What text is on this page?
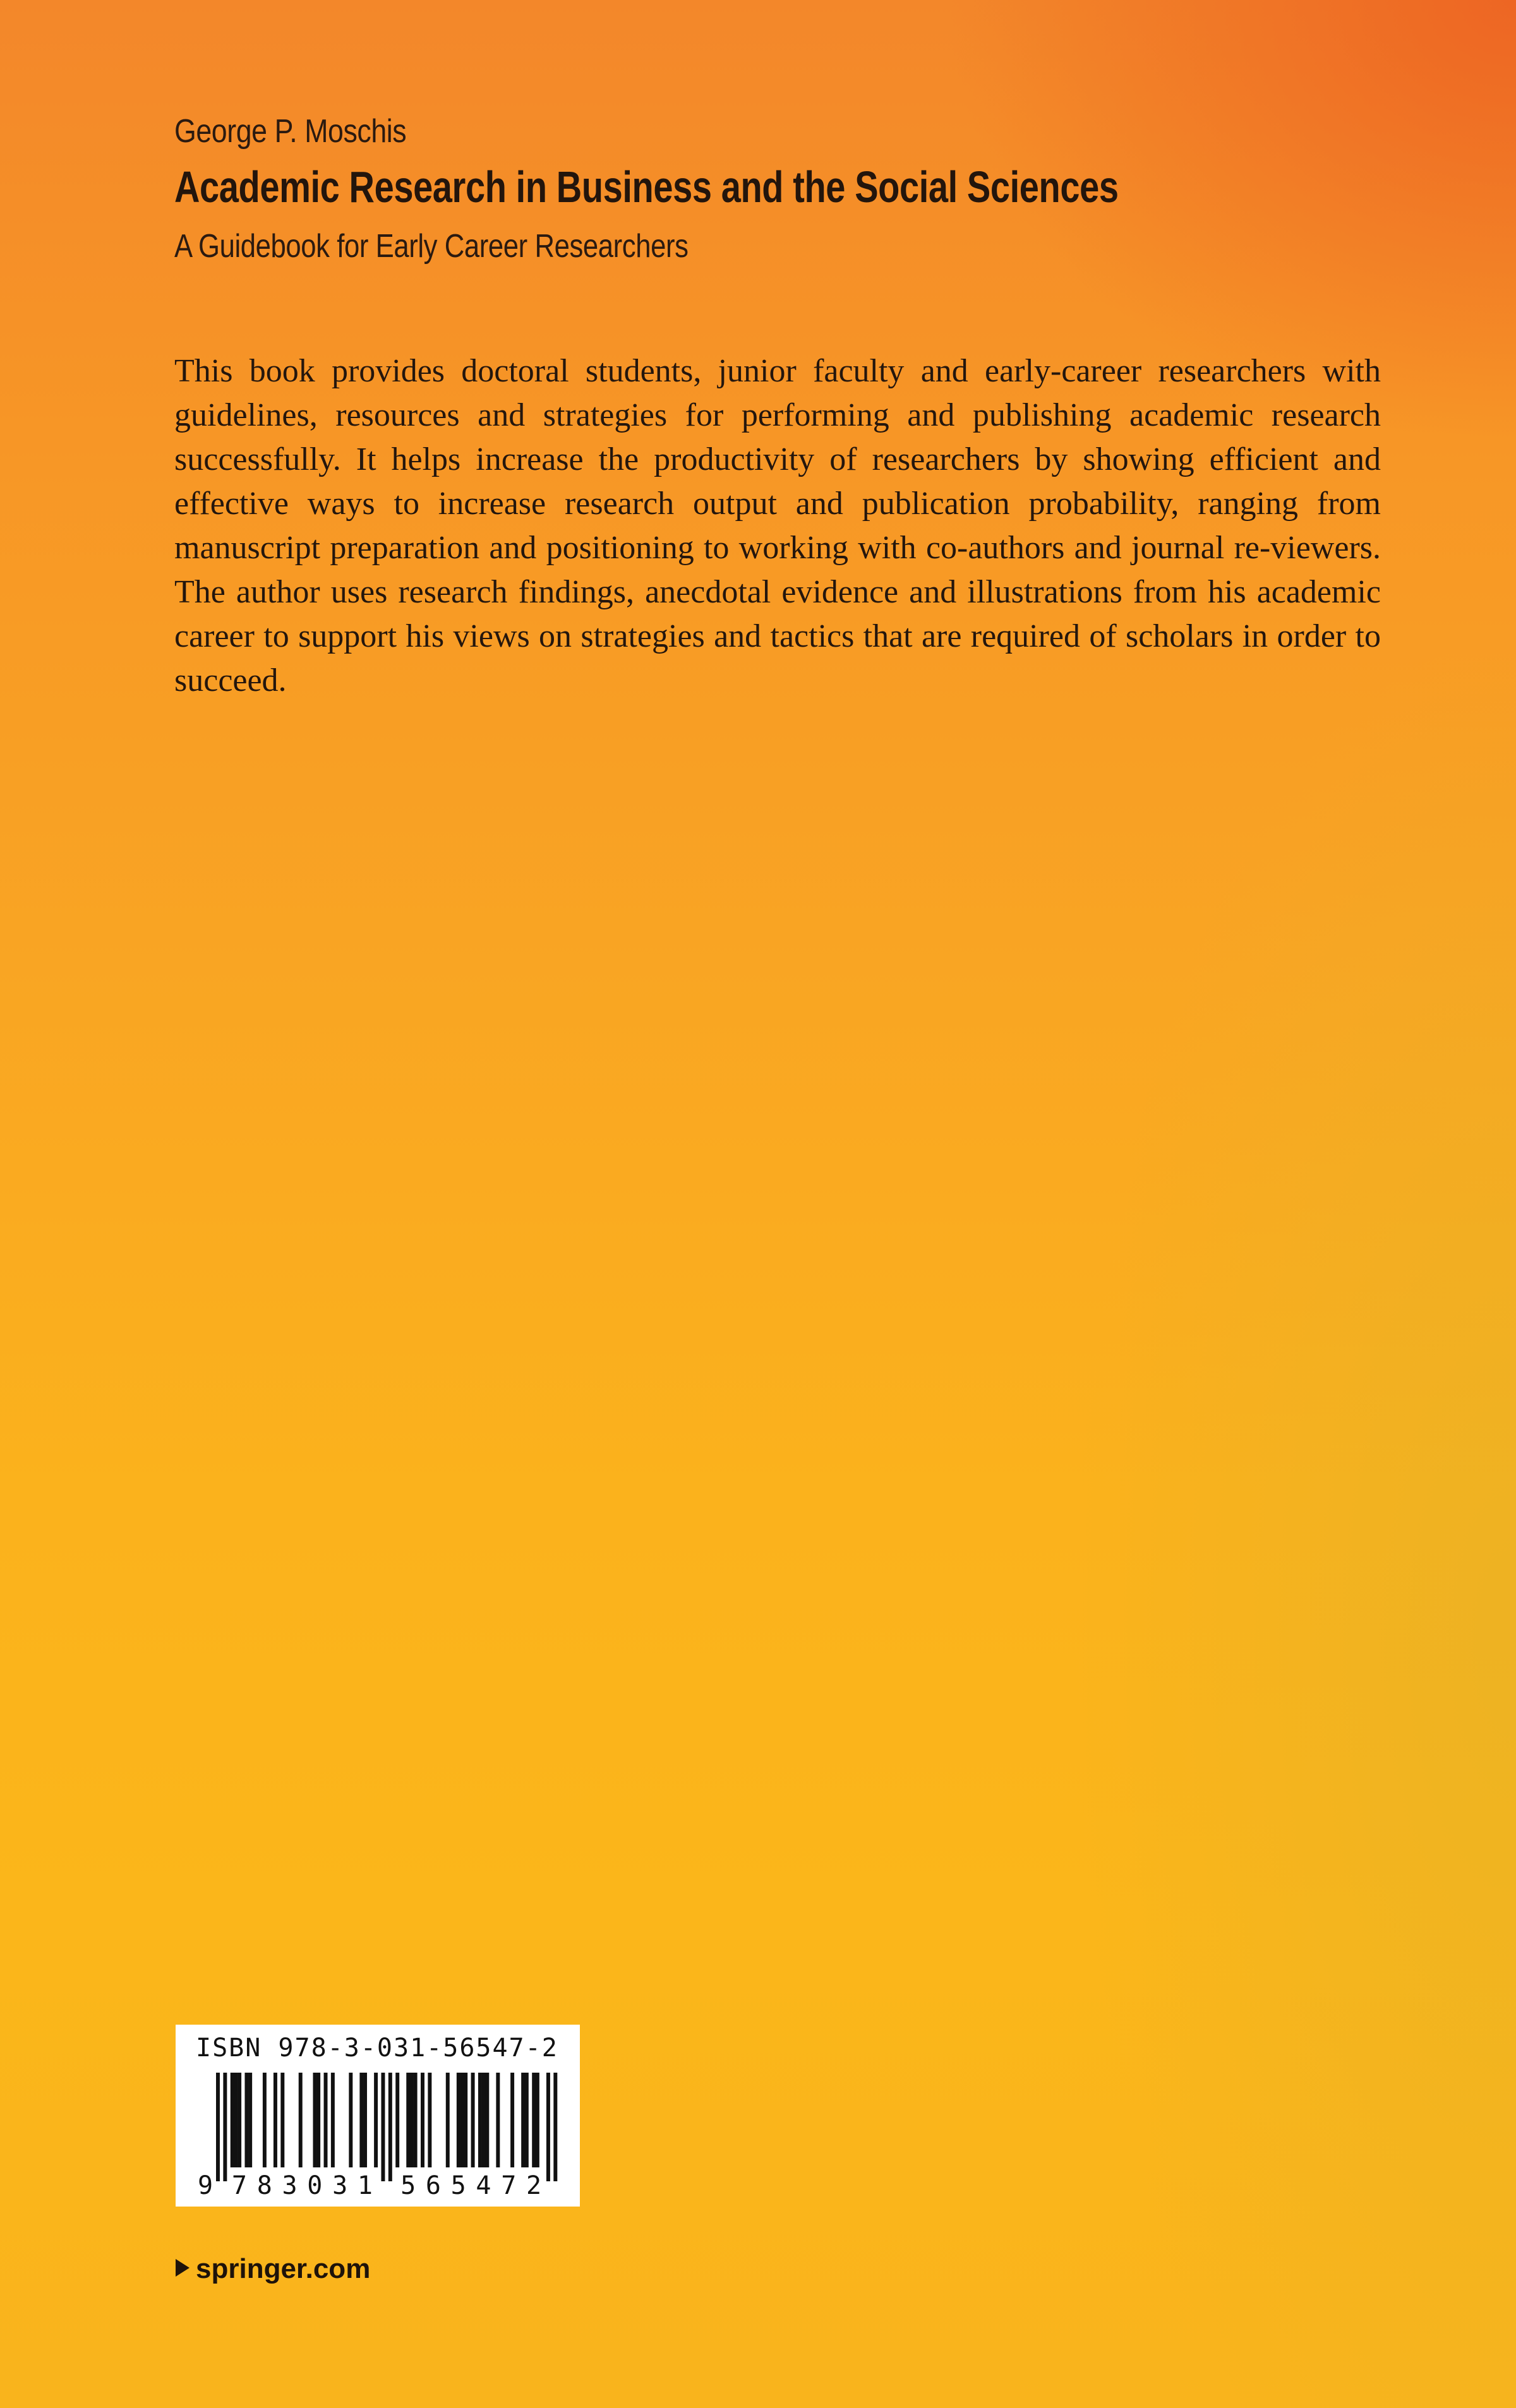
George P. Moschis
Academic Research in Business and the Social Sciences
A Guidebook for Early Career Researchers

This book provides doctoral students, junior faculty and early-career researchers with guidelines, resources and strategies for performing and publishing academic research successfully. It helps increase the productivity of researchers by showing efficient and effective ways to increase research output and publication probability, ranging from manuscript preparation and positioning to working with co-authors and journal re-viewers. The author uses research findings, anecdotal evidence and illustrations from his academic career to support his views on strategies and tactics that are required of scholars in order to succeed.

ISBN 978-3-031-56547-2
9 7 8 3 0 3 1 5 6 5 4 7 2
springer.com
